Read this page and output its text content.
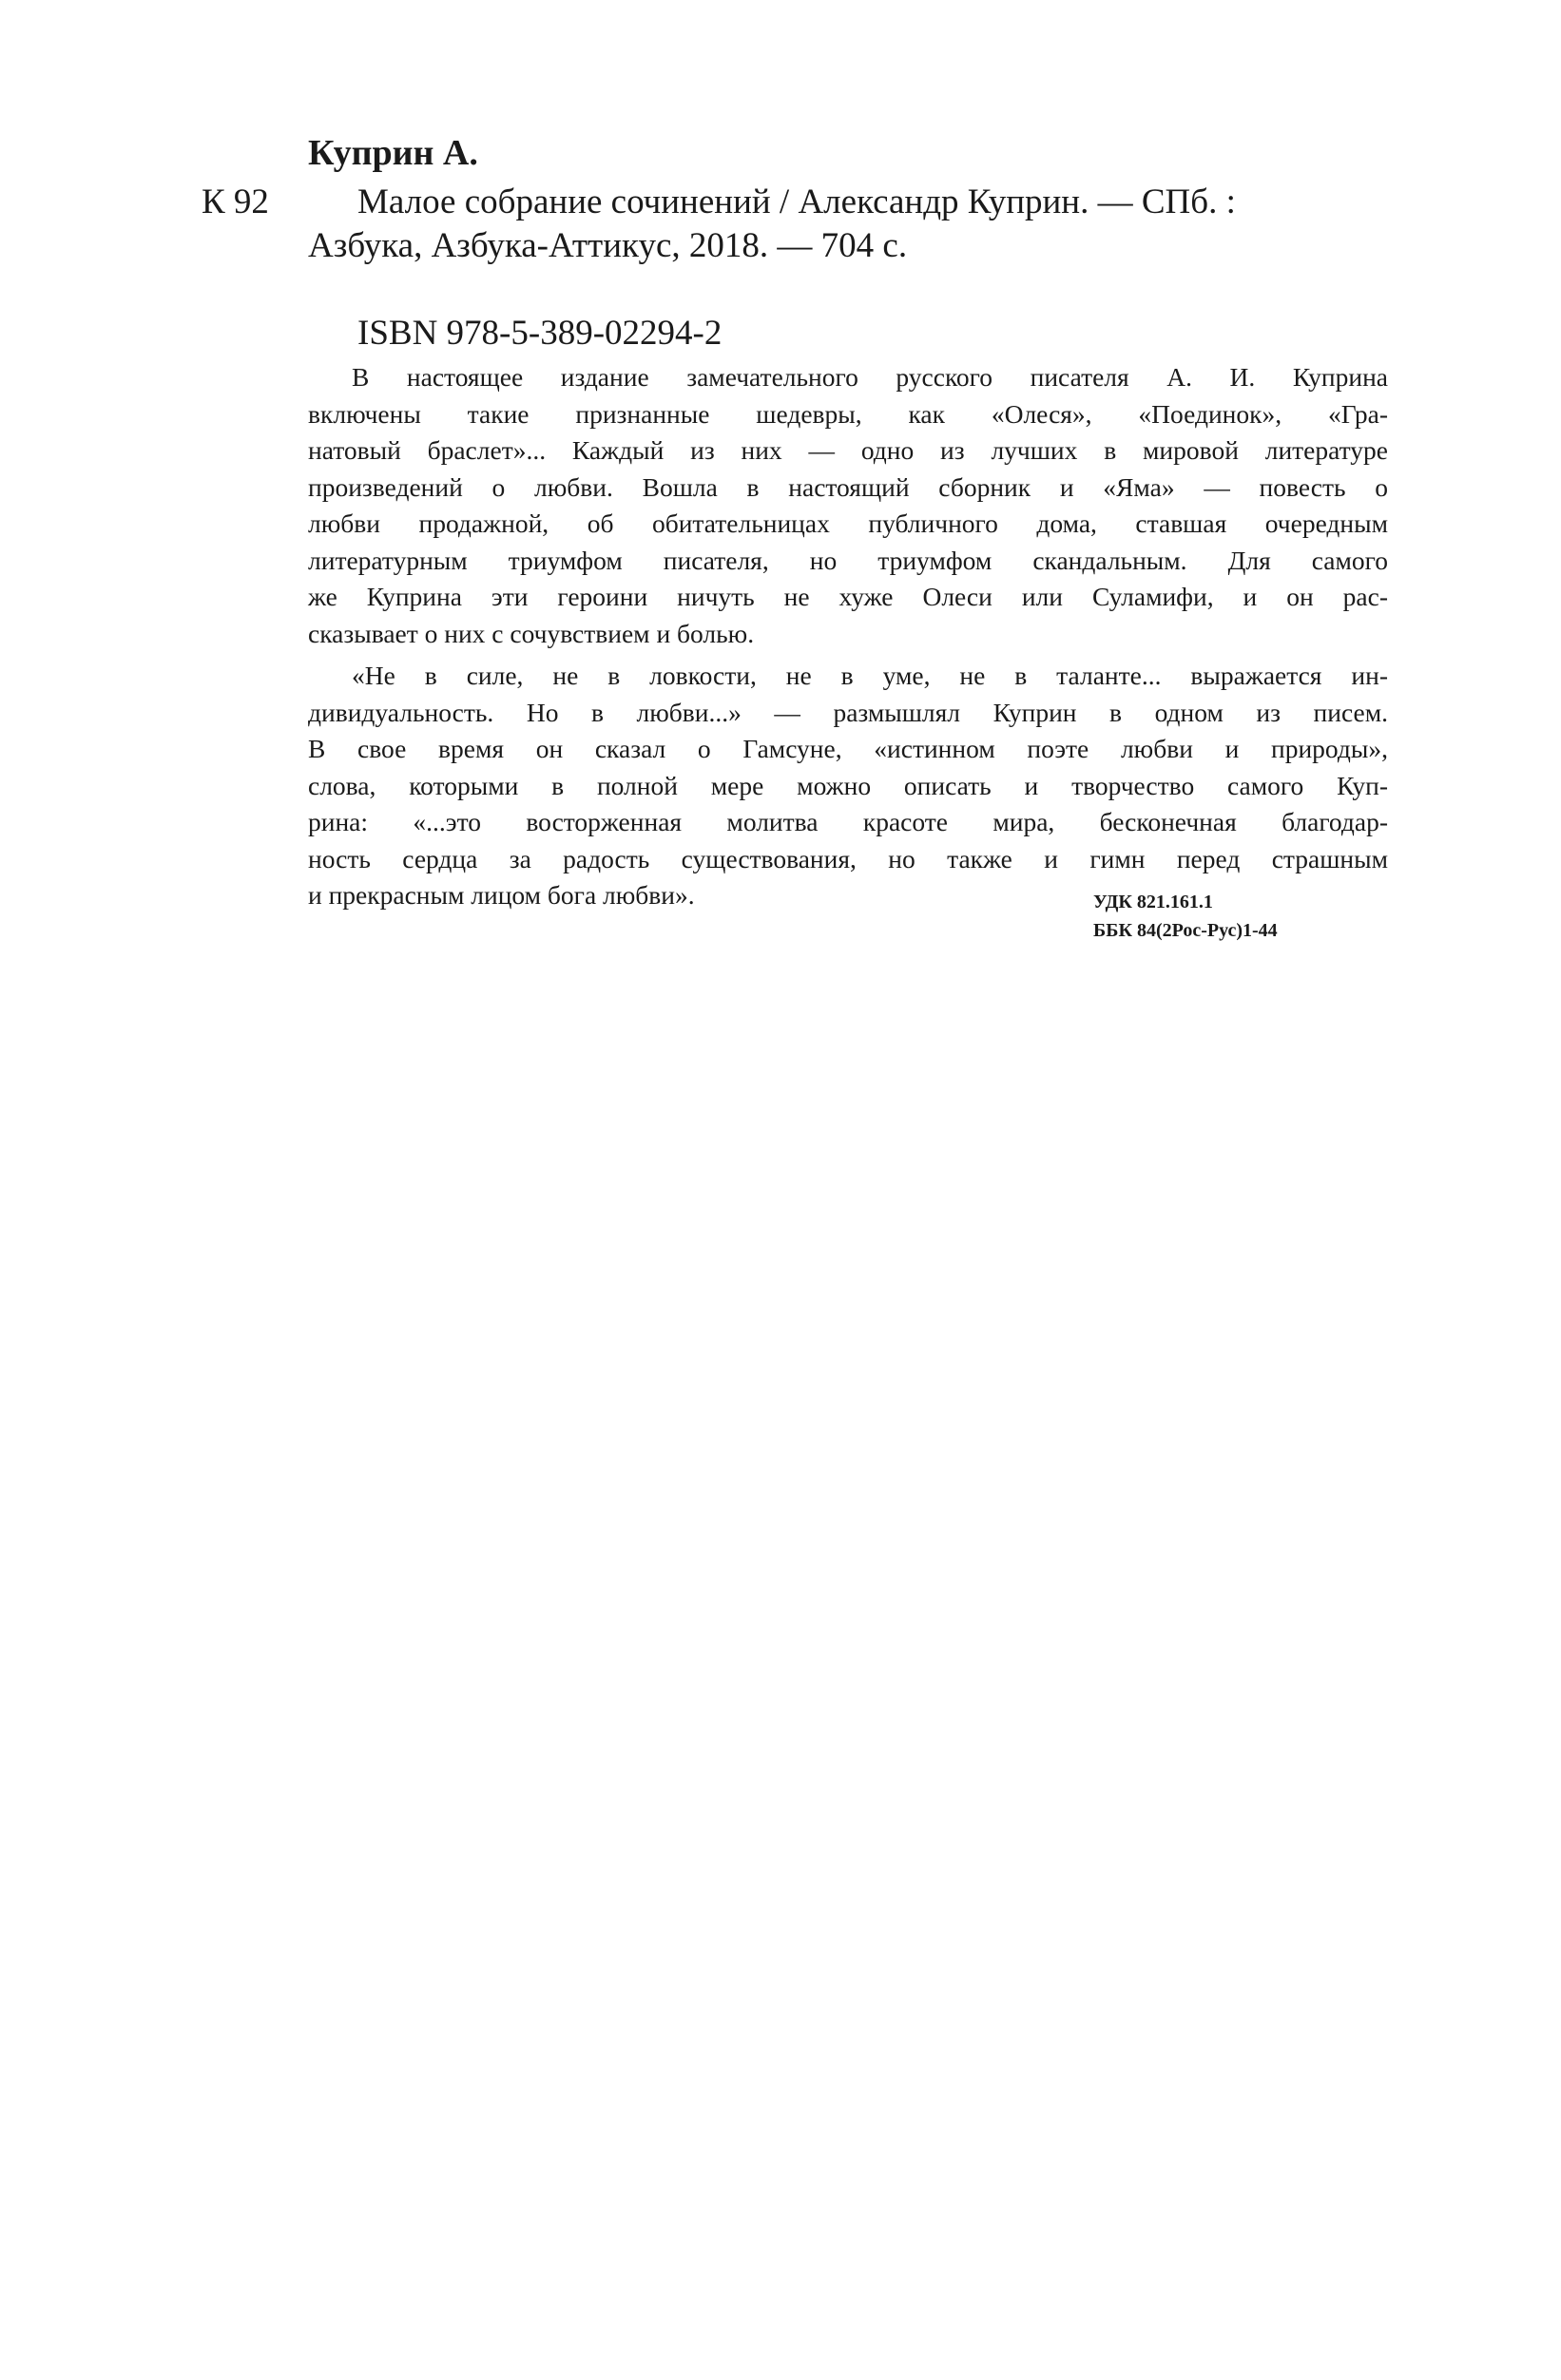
Куприн А.
К 92	Малое собрание сочинений / Александр Куприн. — СПб. :
Азбука, Азбука-Аттикус, 2018. — 704 с.
ISBN 978-5-389-02294-2
В настоящее издание замечательного русского писателя А. И. Куприна
включены такие признанные шедевры, как «Олеся», «Поединок», «Гра-
натовый браслет»... Каждый из них — одно из лучших в мировой литературе
произведений о любви. Вошла в настоящий сборник и «Яма» — повесть о
любви продажной, об обитательницах публичного дома, ставшая очередным
литературным триумфом писателя, но триумфом скандальным. Для самого
же Куприна эти героини ничуть не хуже Олеси или Суламифи, и он рас-
сказывает о них с сочувствием и болью.
«Не в силе, не в ловкости, не в уме, не в таланте... выражается ин-
дивидуальность. Но в любви...» — размышлял Куприн в одном из писем.
В свое время он сказал о Гамсуне, «истинном поэте любви и природы»,
слова, которыми в полной мере можно описать и творчество самого Куп-
рина: «...это восторженная молитва красоте мира, бесконечная благодар-
ность сердца за радость существования, но также и гимн перед страшным
и прекрасным лицом бога любви».	УДК 821.161.1
ББК 84(2Рос-Рус)1-44
